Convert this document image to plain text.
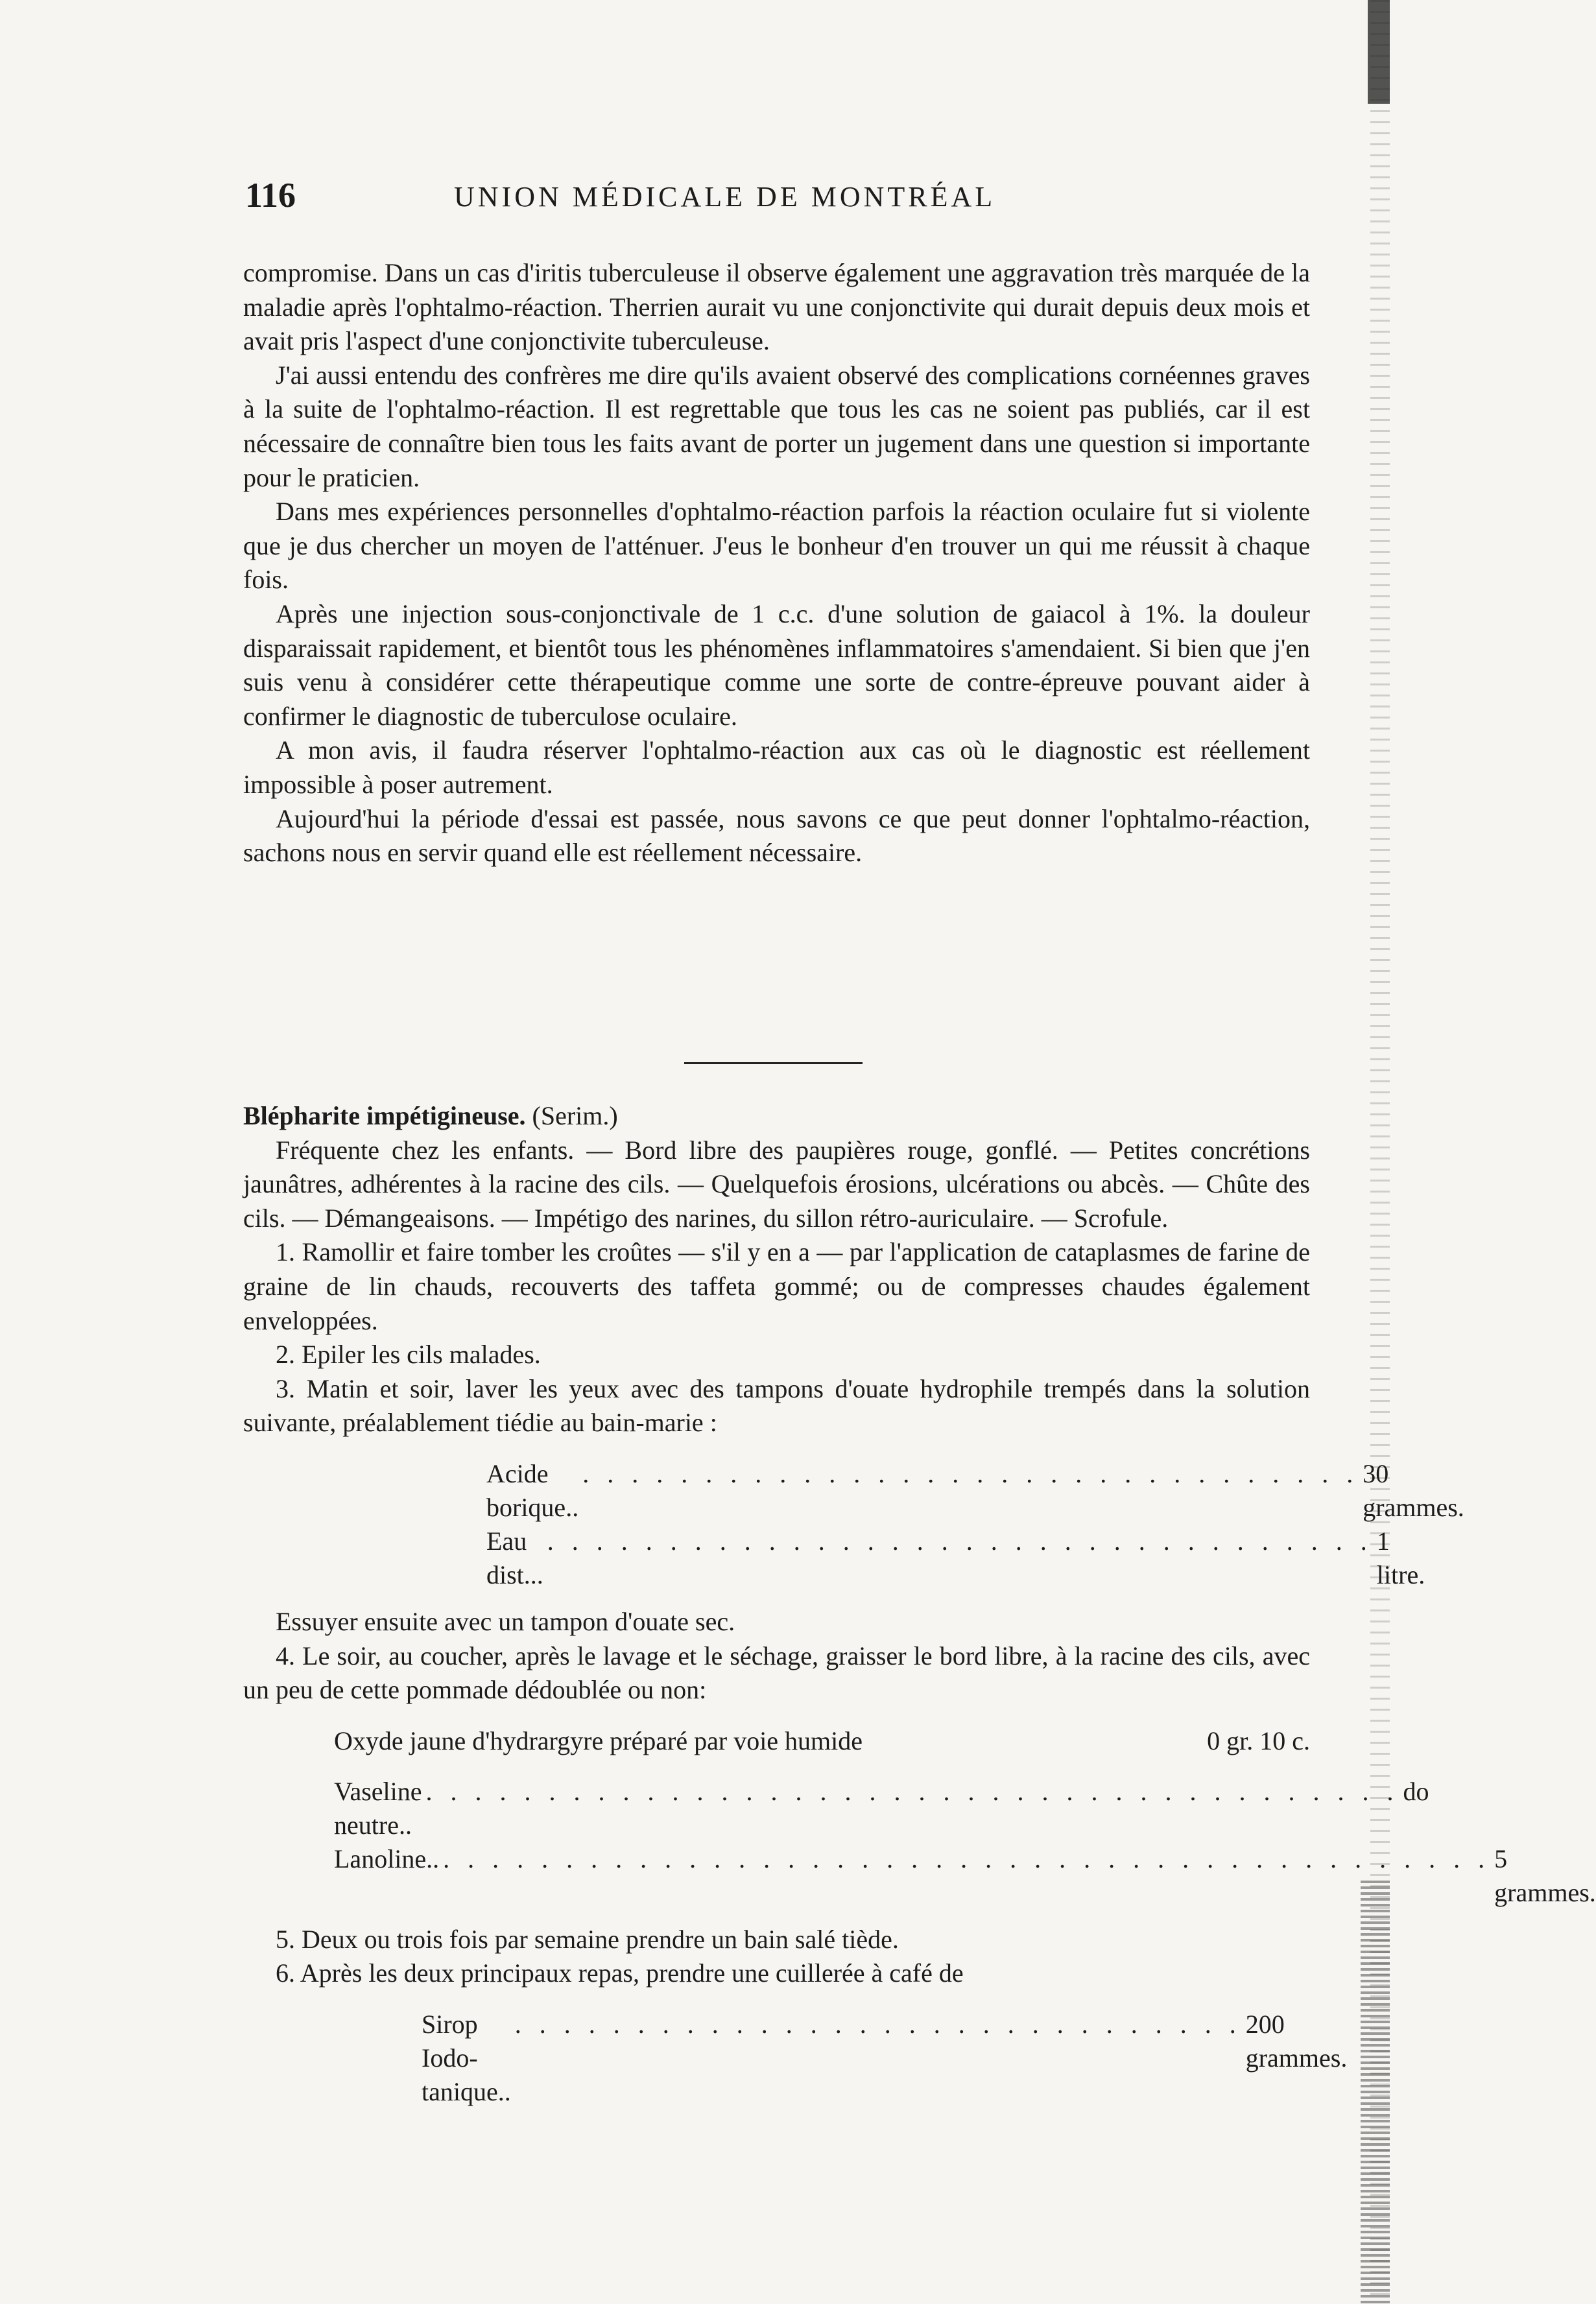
116	UNION MÉDICALE DE MONTRÉAL

compromise. Dans un cas d'iritis tuberculeuse il observe également une aggravation très marquée de la maladie après l'ophtalmo-réaction. Therrien aurait vu une conjonctivite qui durait depuis deux mois et avait pris l'aspect d'une conjonctivite tuberculeuse.

J'ai aussi entendu des confrères me dire qu'ils avaient observé des complications cornéennes graves à la suite de l'ophtalmo-réaction. Il est regrettable que tous les cas ne soient pas publiés, car il est nécessaire de connaître bien tous les faits avant de porter un jugement dans une question si importante pour le praticien.

Dans mes expériences personnelles d'ophtalmo-réaction parfois la réaction oculaire fut si violente que je dus chercher un moyen de l'atténuer. J'eus le bonheur d'en trouver un qui me réussit à chaque fois.

Après une injection sous-conjonctivale de 1 c.c. d'une solution de gaiacol à 1%. la douleur disparaissait rapidement, et bientôt tous les phénomènes inflammatoires s'amendaient. Si bien que j'en suis venu à considérer cette thérapeutique comme une sorte de contre-épreuve pouvant aider à confirmer le diagnostic de tuberculose oculaire.

A mon avis, il faudra réserver l'ophtalmo-réaction aux cas où le diagnostic est réellement impossible à poser autrement.

Aujourd'hui la période d'essai est passée, nous savons ce que peut donner l'ophtalmo-réaction, sachons nous en servir quand elle est réellement nécessaire.

Blépharite impétigineuse. (Serim.)

Fréquente chez les enfants. — Bord libre des paupières rouge, gonflé. — Petites concrétions jaunâtres, adhérentes à la racine des cils. — Quelquefois érosions, ulcérations ou abcès. — Chûte des cils. — Démangeaisons. — Impétigo des narines, du sillon rétro-auriculaire. — Scrofule.

1. Ramollir et faire tomber les croûtes — s'il y en a — par l'application de cataplasmes de farine de graine de lin chauds, recouverts des taffeta gommé; ou de compresses chaudes également enveloppées.

2. Epiler les cils malades.

3. Matin et soir, laver les yeux avec des tampons d'ouate hydrophile trempés dans la solution suivante, préalablement tiédie au bain-marie :

Acide borique..
. . . . . . . . . . . . . . . . . . . . . . . . . . . . . . . . 30 grammes.
Eau dist...
. . . . . . . . . . . . . . . . . . . . . . . . . . . . . . . . . . 1 litre.

Essuyer ensuite avec un tampon d'ouate sec.

4. Le soir, au coucher, après le lavage et le séchage, graisser le bord libre, à la racine des cils, avec un peu de cette pommade dédoublée ou non:

Oxyde jaune d'hydrargyre préparé par voie humide	0 gr. 10 c.
Vaseline neutre..
. . . . . . . . . . . . . . . . . . . . . . . . . . . . . . . . . . . . . . . . do
Lanoline.. . . . . . . . . . . . . . . . . . . . . . . . . . . . . . . . . . . . . . . . . . . . 5 grammes.

5. Deux ou trois fois par semaine prendre un bain salé tiède.

6. Après les deux principaux repas, prendre une cuillerée à café de

Sirop Iodo-tanique..
. . . . . . . . . . . . . . . . . . . . . . . . . . . . . . 200 grammes.
